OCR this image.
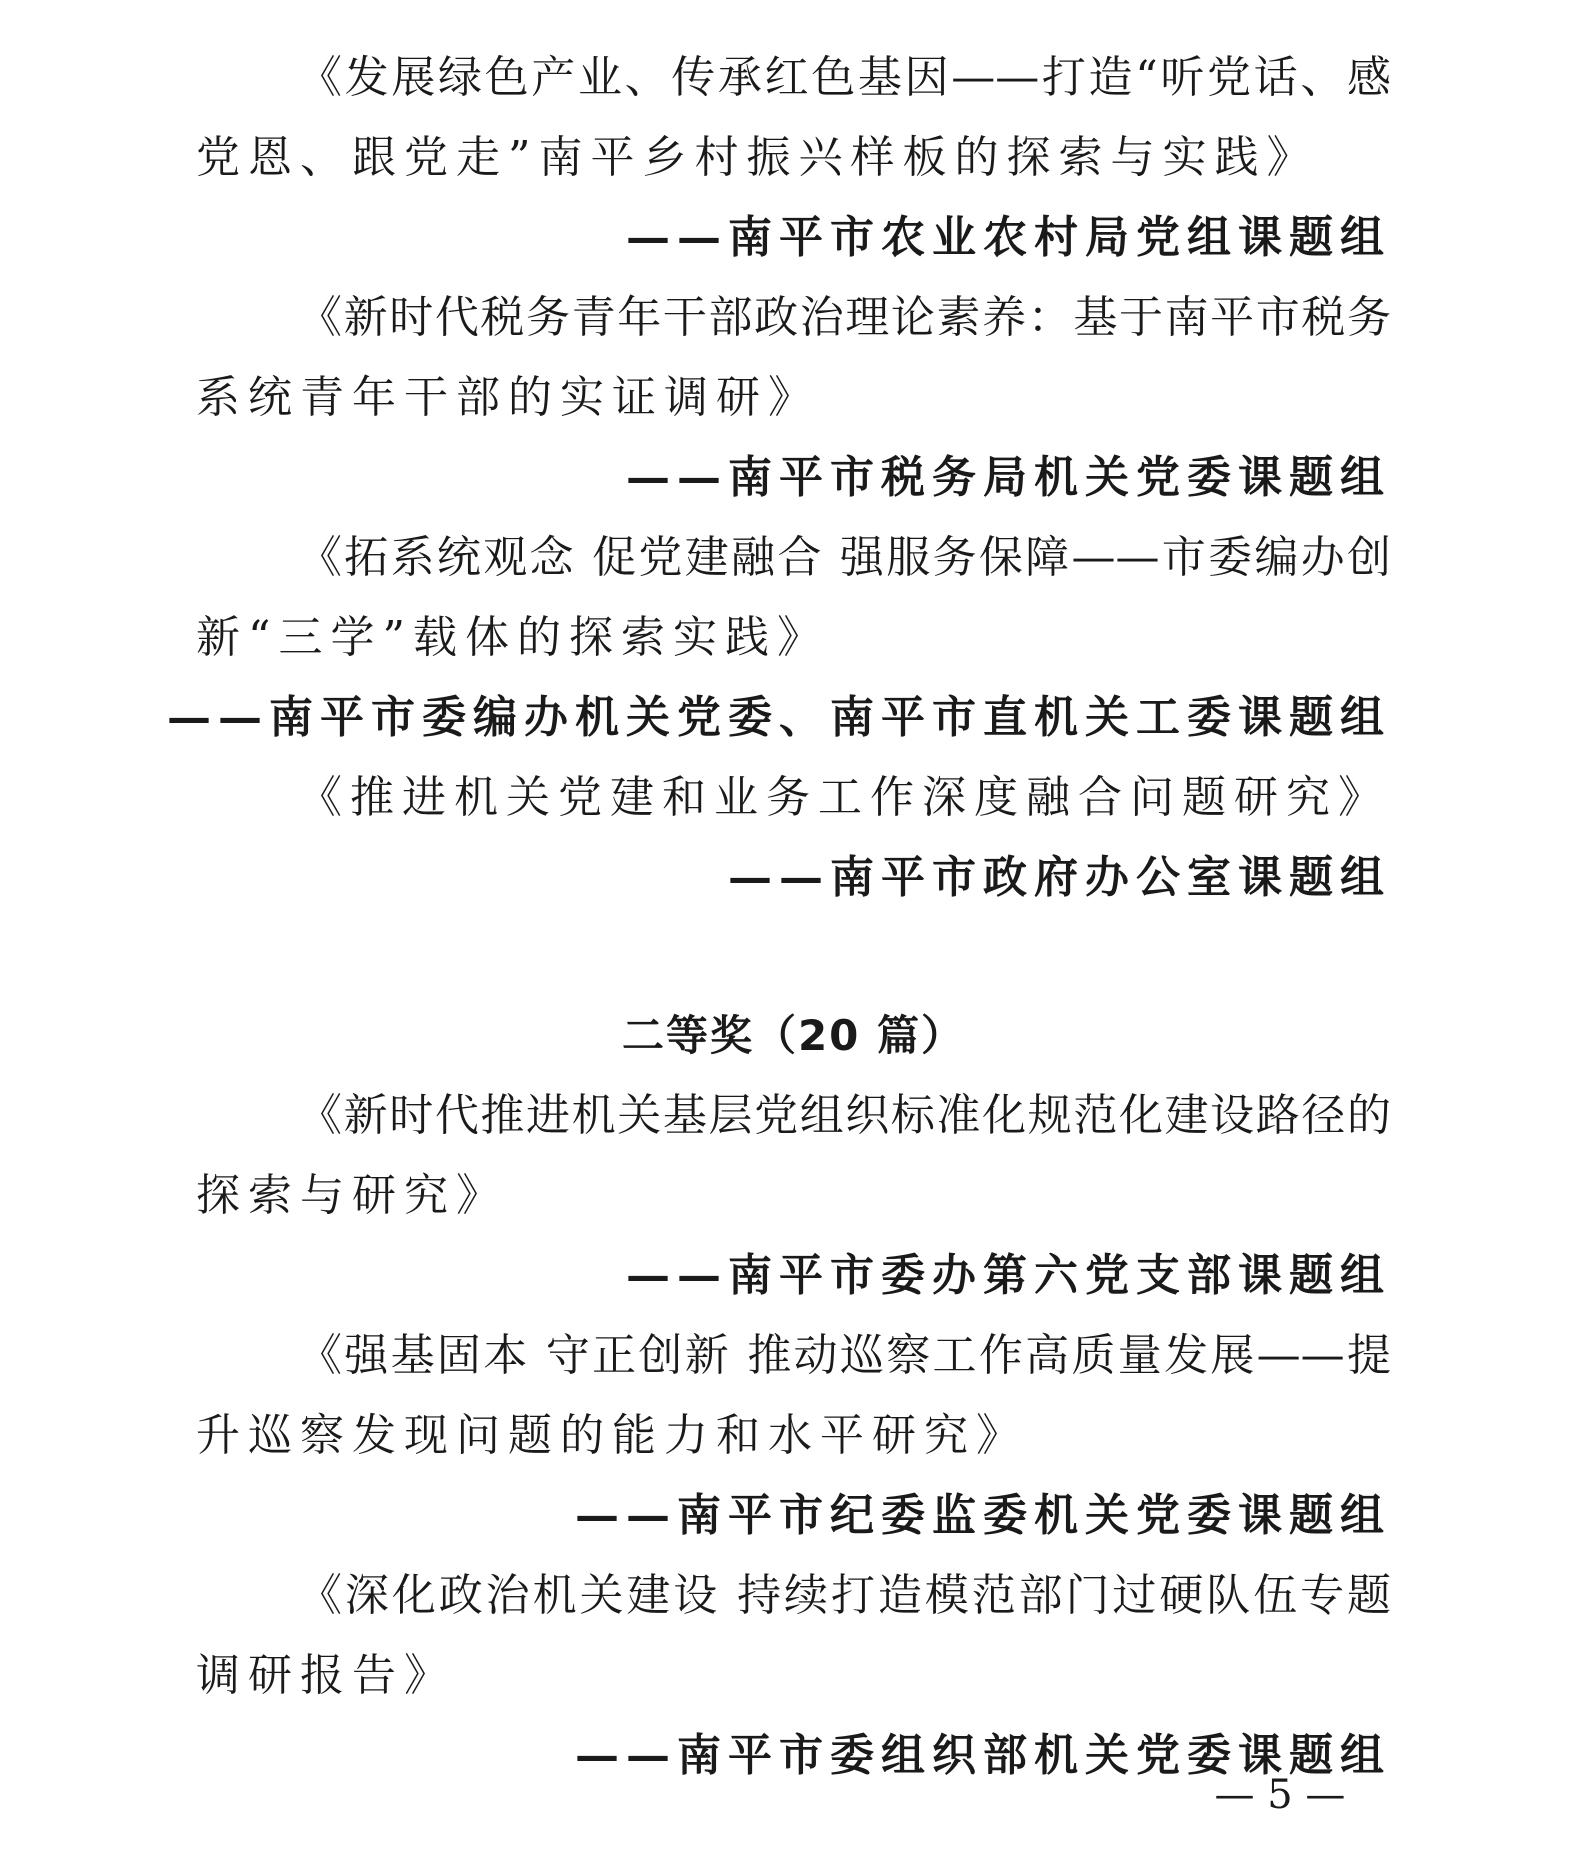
《发展绿色产业、传承红色基因——打造“听党话、感
党恩、跟党走”南平乡村振兴样板的探索与实践》
——南平市农业农村局党组课题组
《新时代税务青年干部政治理论素养：基于南平市税务
系统青年干部的实证调研》
——南平市税务局机关党委课题组
《拓系统观念 促党建融合 强服务保障——市委编办创
新“三学”载体的探索实践》
——南平市委编办机关党委、南平市直机关工委课题组
《推进机关党建和业务工作深度融合问题研究》
——南平市政府办公室课题组
二等奖（20 篇）
《新时代推进机关基层党组织标准化规范化建设路径的
探索与研究》
——南平市委办第六党支部课题组
《强基固本 守正创新 推动巡察工作高质量发展——提
升巡察发现问题的能力和水平研究》
——南平市纪委监委机关党委课题组
《深化政治机关建设 持续打造模范部门过硬队伍专题
调研报告》
——南平市委组织部机关党委课题组
— 5 —
